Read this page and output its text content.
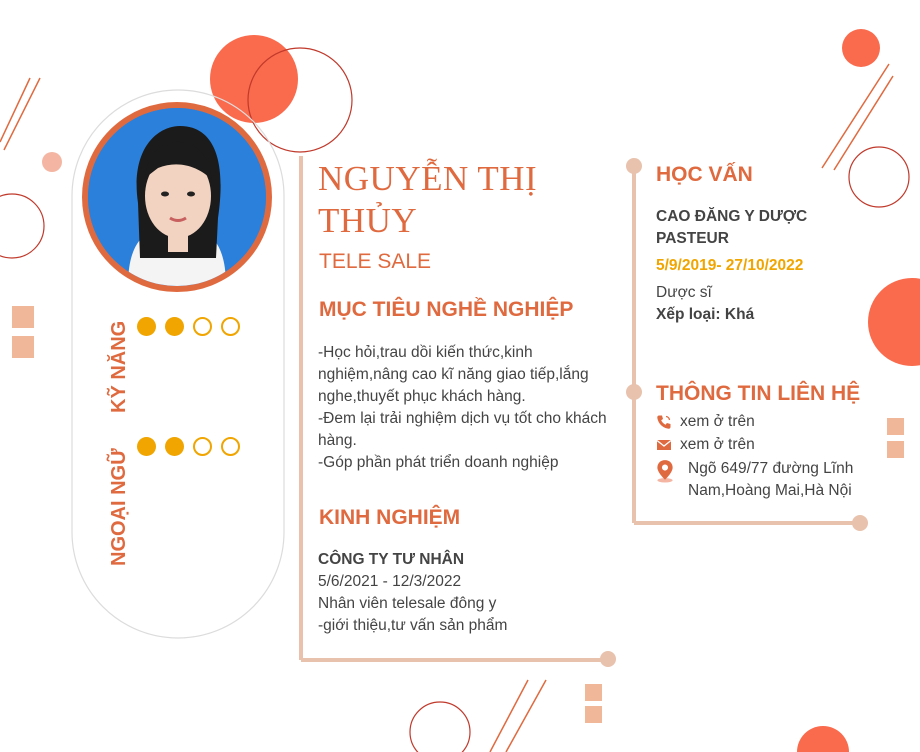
KỸ NĂNG
NGOẠI NGỮ
NGUYỄN THỊ THỦY
TELE SALE
MỤC TIÊU NGHỀ NGHIỆP
-Học hỏi,trau dồi kiến thức,kinh
nghiệm,nâng cao kĩ năng giao tiếp,lắng
nghe,thuyết phục khách hàng.
-Đem lại trải nghiệm dịch vụ tốt cho khách
hàng.
-Góp phần phát triển doanh nghiệp
KINH NGHIỆM
CÔNG TY TƯ NHÂN
5/6/2021 - 12/3/2022
Nhân viên telesale đông y
-giới thiệu,tư vấn sản phẩm
HỌC VẤN
CAO ĐĂNG Y DƯỢC
PASTEUR
5/9/2019- 27/10/2022
Dược sĩ
Xếp loại: Khá
THÔNG TIN LIÊN HỆ
xem ở trên
xem ở trên
Ngõ 649/77 đường Lĩnh
Nam,Hoàng Mai,Hà Nội
